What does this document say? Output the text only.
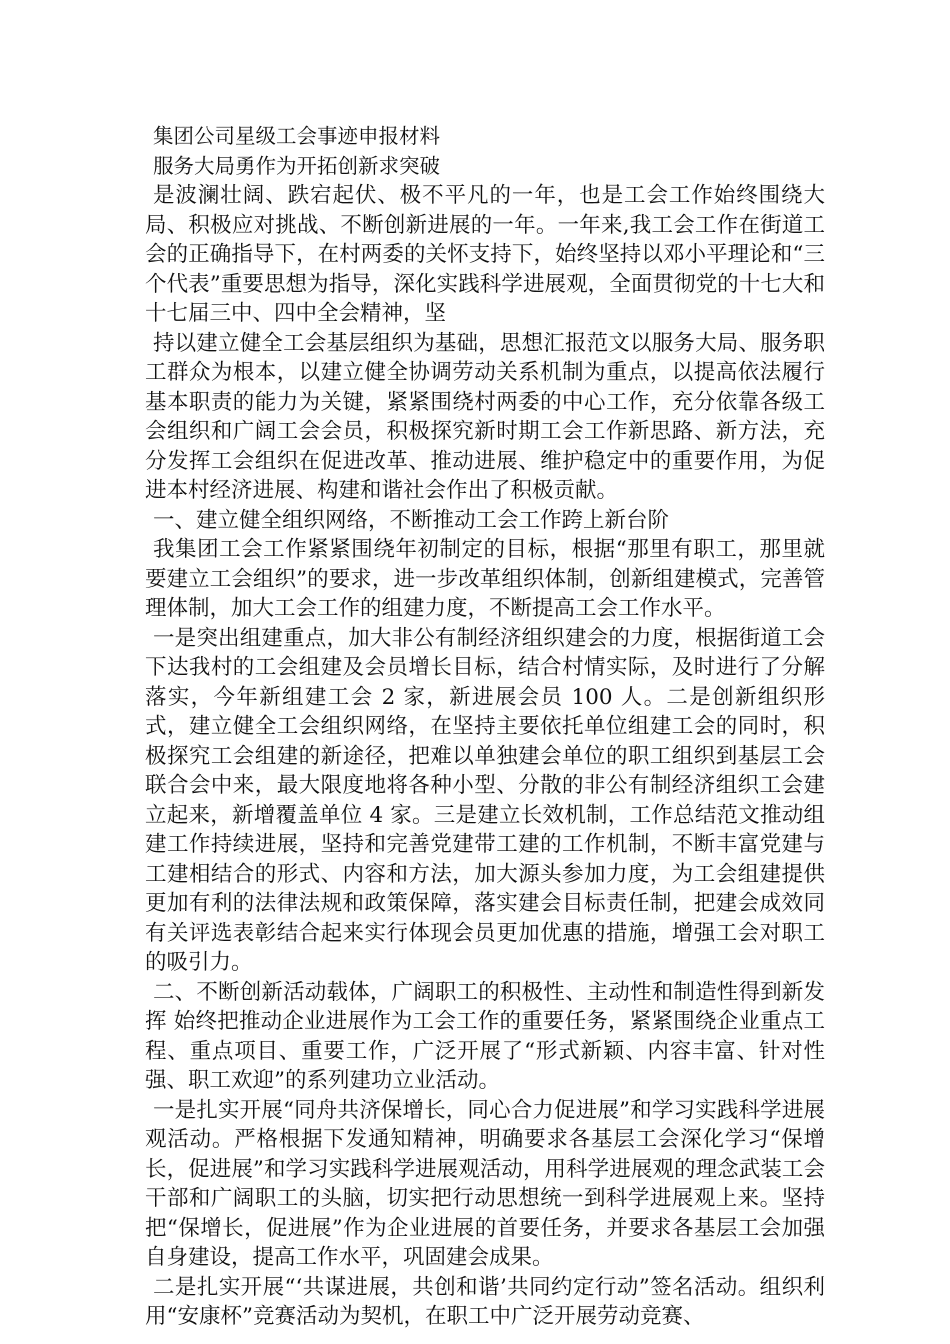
集团公司星级工会事迹申报材料

服务大局勇作为开拓创新求突破

是波澜壮阔、跌宕起伏、极不平凡的一年，也是工会工作始终围绕大局、积极应对挑战、不断创新进展的一年。一年来,我工会工作在街道工会的正确指导下，在村两委的关怀支持下，始终坚持以邓小平理论和“三个代表”重要思想为指导，深化实践科学进展观，全面贯彻党的十七大和十七届三中、四中全会精神，坚

持以建立健全工会基层组织为基础，思想汇报范文以服务大局、服务职工群众为根本，以建立健全协调劳动关系机制为重点，以提高依法履行基本职责的能力为关键，紧紧围绕村两委的中心工作，充分依靠各级工会组织和广阔工会会员，积极探究新时期工会工作新思路、新方法，充分发挥工会组织在促进改革、推动进展、维护稳定中的重要作用，为促进本村经济进展、构建和谐社会作出了积极贡献。

一、建立健全组织网络，不断推动工会工作跨上新台阶

我集团工会工作紧紧围绕年初制定的目标，根据“那里有职工，那里就要建立工会组织”的要求，进一步改革组织体制，创新组建模式，完善管理体制，加大工会工作的组建力度，不断提高工会工作水平。

一是突出组建重点，加大非公有制经济组织建会的力度，根据街道工会下达我村的工会组建及会员增长目标，结合村情实际，及时进行了分解落实，今年新组建工会 2 家，新进展会员 100 人。二是创新组织形式，建立健全工会组织网络，在坚持主要依托单位组建工会的同时，积极探究工会组建的新途径，把难以单独建会单位的职工组织到基层工会联合会中来，最大限度地将各种小型、分散的非公有制经济组织工会建立起来，新增覆盖单位 4 家。三是建立长效机制，工作总结范文推动组建工作持续进展，坚持和完善党建带工建的工作机制，不断丰富党建与工建相结合的形式、内容和方法，加大源头参加力度，为工会组建提供更加有利的法律法规和政策保障，落实建会目标责任制，把建会成效同有关评选表彰结合起来实行体现会员更加优惠的措施，增强工会对职工的吸引力。

二、不断创新活动载体，广阔职工的积极性、主动性和制造性得到新发挥 始终把推动企业进展作为工会工作的重要任务，紧紧围绕企业重点工程、重点项目、重要工作，广泛开展了“形式新颖、内容丰富、针对性强、职工欢迎”的系列建功立业活动。

一是扎实开展“同舟共济保增长，同心合力促进展”和学习实践科学进展观活动。严格根据下发通知精神，明确要求各基层工会深化学习“保增长，促进展”和学习实践科学进展观活动，用科学进展观的理念武装工会干部和广阔职工的头脑，切实把行动思想统一到科学进展观上来。坚持把“保增长，促进展”作为企业进展的首要任务，并要求各基层工会加强自身建设，提高工作水平，巩固建会成果。

二是扎实开展“‘共谋进展，共创和谐’共同约定行动”签名活动。组织利用“安康杯”竞赛活动为契机，在职工中广泛开展劳动竞赛、
